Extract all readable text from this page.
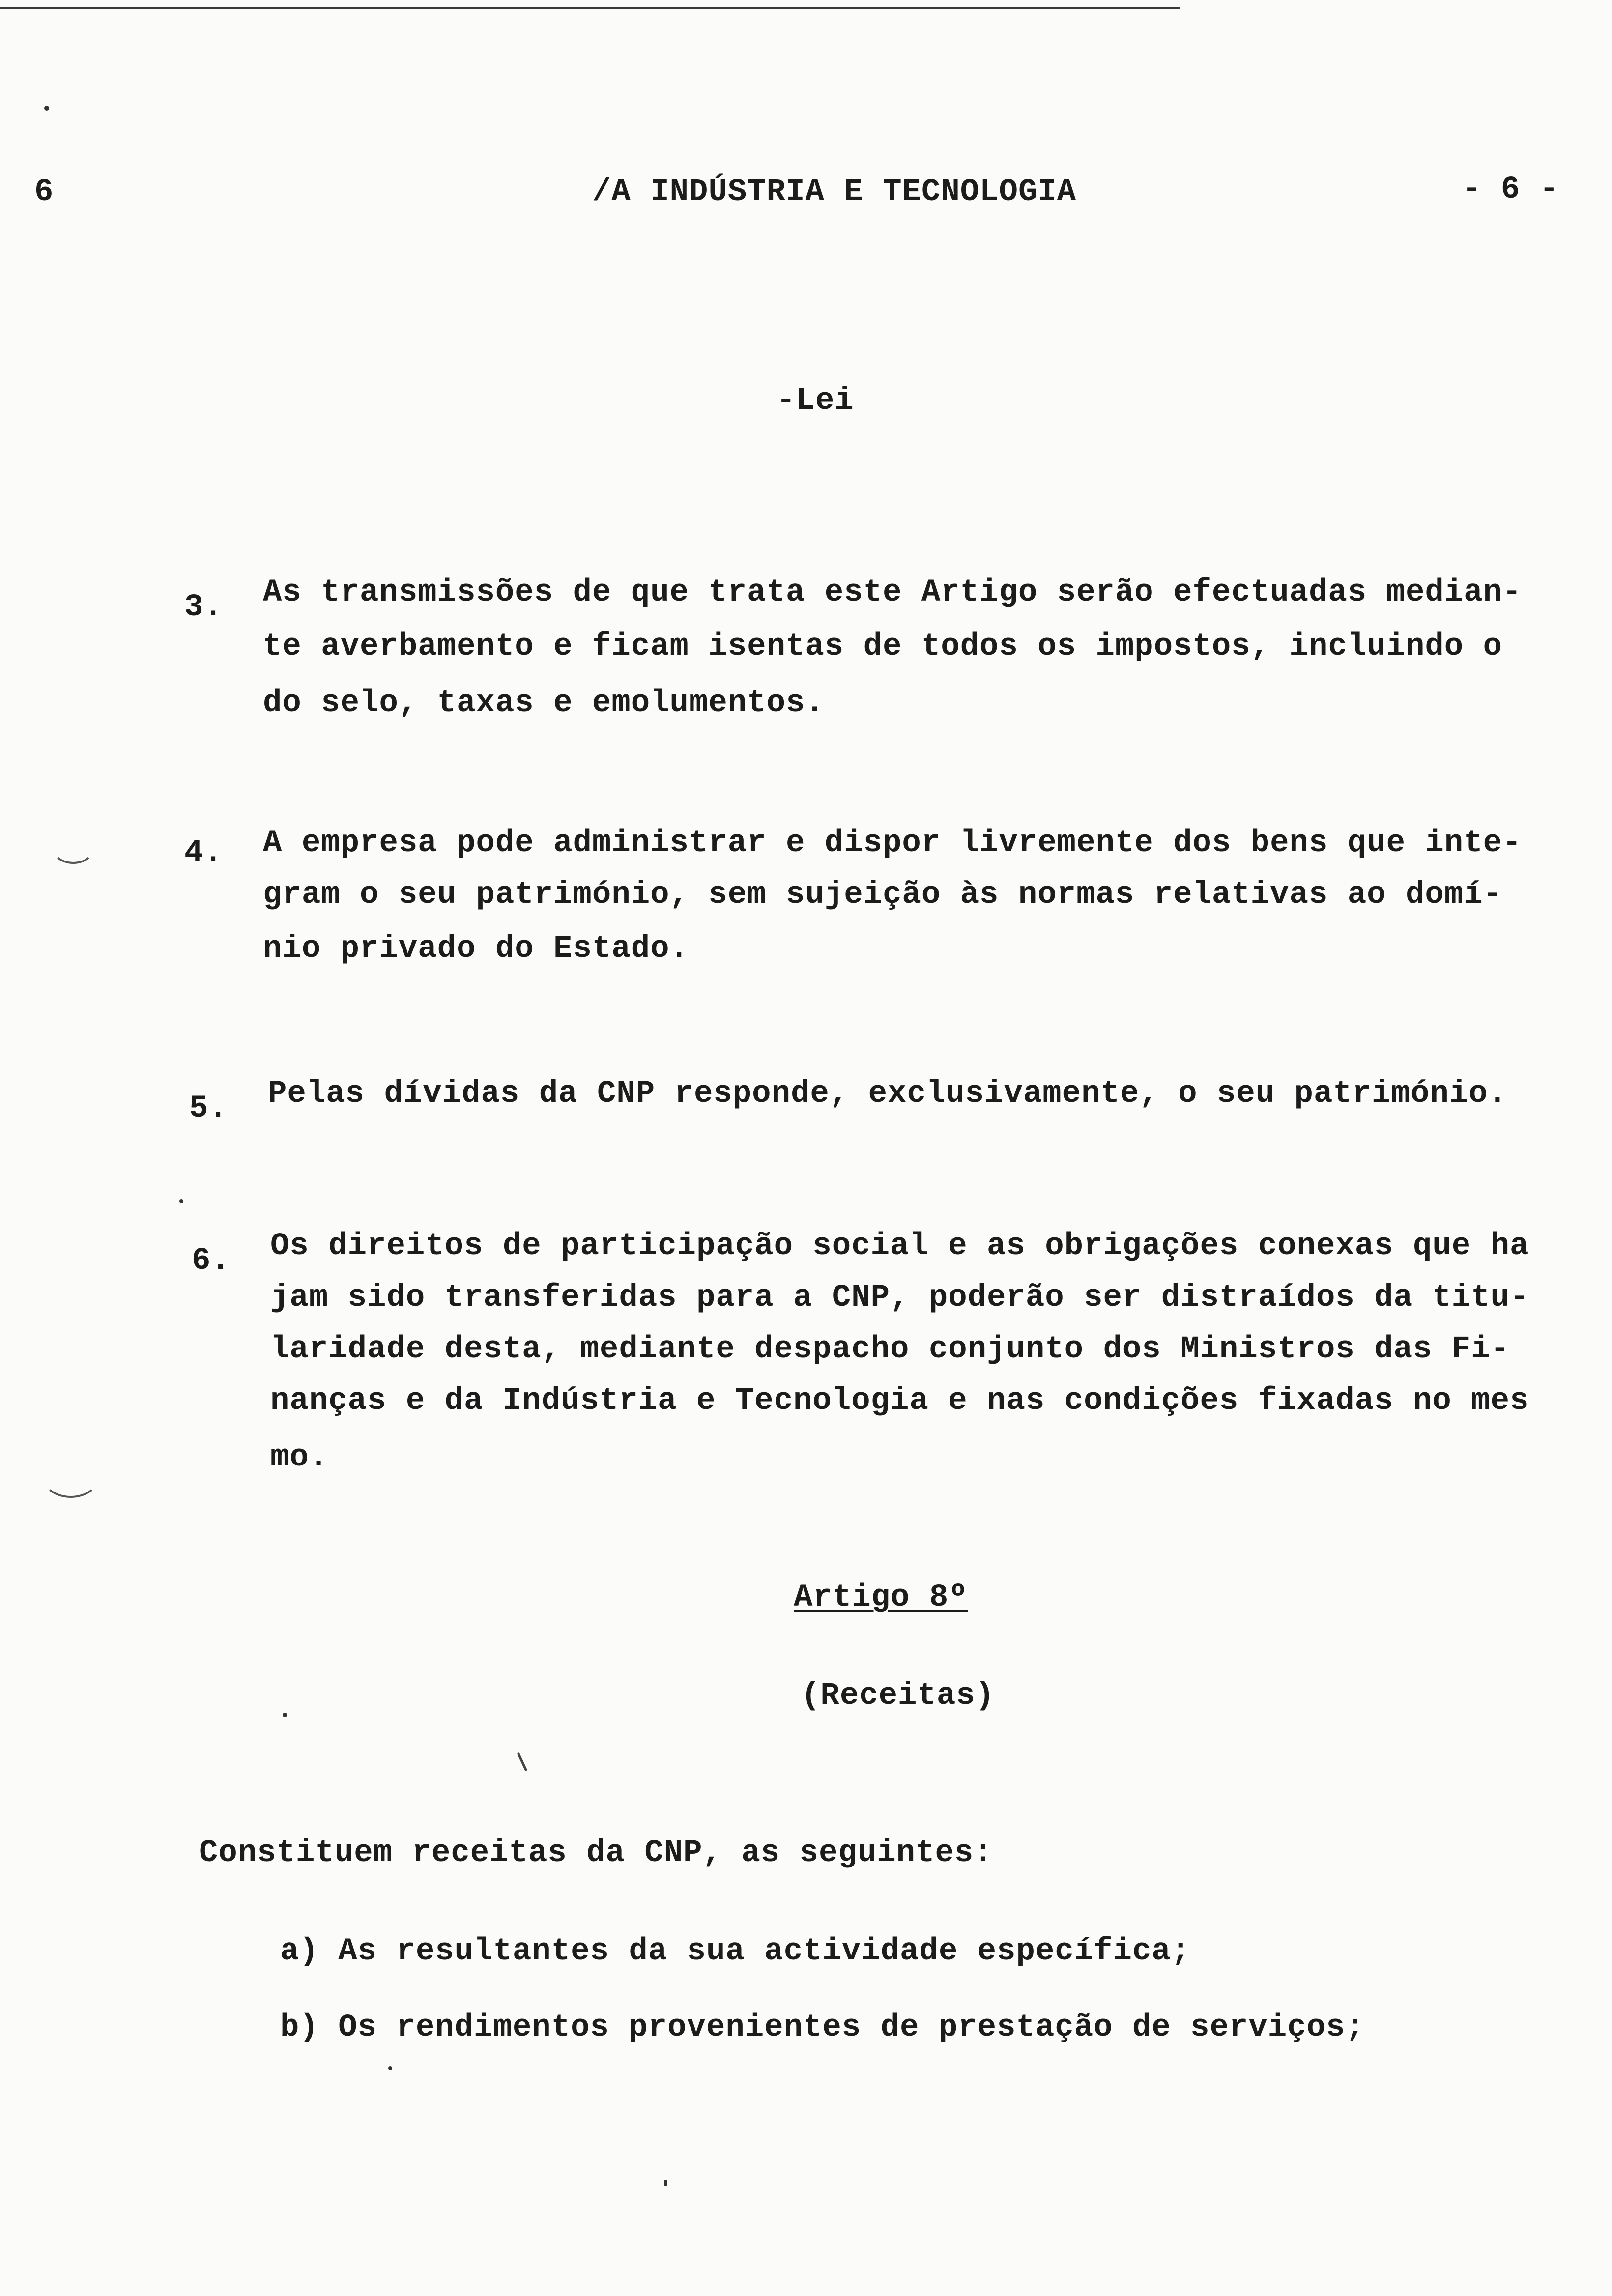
6	/A INDÚSTRIA E TECNOLOGIA	- 6 -
-Lei
3. As transmissões de que trata este Artigo serão efectuadas median-
te averbamento e ficam isentas de todos os impostos, incluindo o
do selo, taxas e emolumentos.
4. A empresa pode administrar e dispor livremente dos bens que inte-
gram o seu património, sem sujeição às normas relativas ao domí-
nio privado do Estado.
5. Pelas dívidas da CNP responde, exclusivamente, o seu património.
6. Os direitos de participação social e as obrigações conexas que ha
jam sido transferidas para a CNP, poderão ser distraídos da titu-
laridade desta, mediante despacho conjunto dos Ministros das Fi-
nanças e da Indústria e Tecnologia e nas condições fixadas no mes
mo.
Artigo 8º
(Receitas)
Constituem receitas da CNP, as seguintes:
a) As resultantes da sua actividade específica;
b) Os rendimentos provenientes de prestação de serviços;
